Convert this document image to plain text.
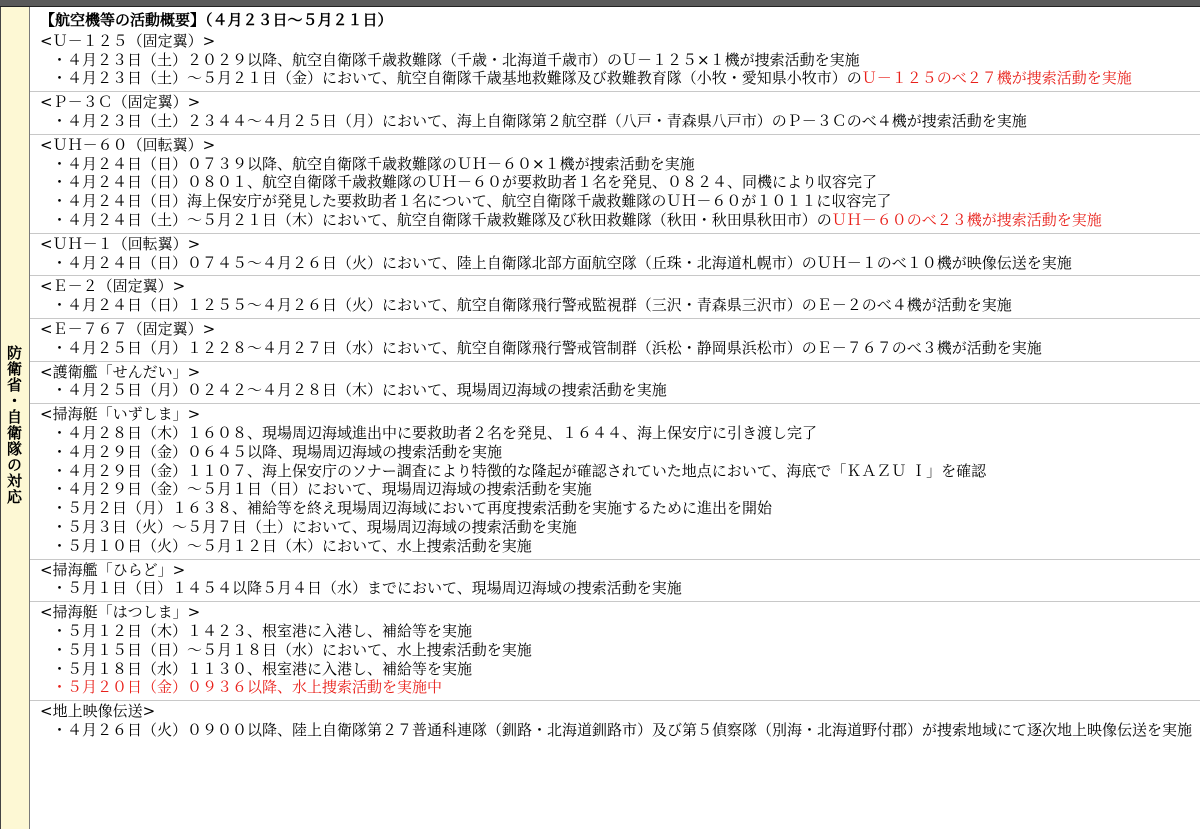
防衛省・自衛隊の対応
【航空機等の活動概要】（４月２３日～５月２１日）
<Ｕ－１２５（固定翼）>
・４月２３日（土）２０２９以降、航空自衛隊千歳救難隊（千歳・北海道千歳市）のＵ－１２５×１機が捜索活動を実施
・４月２３日（土）～５月２１日（金）において、航空自衛隊千歳基地救難隊及び救難教育隊（小牧・愛知県小牧市）のＵ－１２５のべ２７機が捜索活動を実施
<Ｐ－３Ｃ（固定翼）>
・４月２３日（土）２３４４～４月２５日（月）において、海上自衛隊第２航空群（八戸・青森県八戸市）のＰ－３Ｃのべ４機が捜索活動を実施
<ＵＨ－６０（回転翼）>
・４月２４日（日）０７３９以降、航空自衛隊千歳救難隊のＵＨ－６０×１機が捜索活動を実施
・４月２４日（日）０８０１、航空自衛隊千歳救難隊のＵＨ－６０が要救助者１名を発見、０８２４、同機により収容完了
・４月２４日（日）海上保安庁が発見した要救助者１名について、航空自衛隊千歳救難隊のＵＨ－６０が１０１１に収容完了
・４月２４日（土）～５月２１日（木）において、航空自衛隊千歳救難隊及び秋田救難隊（秋田・秋田県秋田市）のＵＨ－６０のべ２３機が捜索活動を実施
<ＵＨ－１（回転翼）>
・４月２４日（日）０７４５～４月２６日（火）において、陸上自衛隊北部方面航空隊（丘珠・北海道札幌市）のＵＨ－１のべ１０機が映像伝送を実施
<Ｅ－２（固定翼）>
・４月２４日（日）１２５５～４月２６日（火）において、航空自衛隊飛行警戒監視群（三沢・青森県三沢市）のＥ－２のべ４機が活動を実施
<Ｅ－７６７（固定翼）>
・４月２５日（月）１２２８～４月２７日（水）において、航空自衛隊飛行警戒管制群（浜松・静岡県浜松市）のＥ－７６７のべ３機が活動を実施
<護衛艦「せんだい」>
・４月２５日（月）０２４２～４月２８日（木）において、現場周辺海域の捜索活動を実施
<掃海艇「いずしま」>
・４月２８日（木）１６０８、現場周辺海域進出中に要救助者２名を発見、１６４４、海上保安庁に引き渡し完了
・４月２９日（金）０６４５以降、現場周辺海域の捜索活動を実施
・４月２９日（金）１１０７、海上保安庁のソナー調査により特徴的な隆起が確認されていた地点において、海底で「ＫＡＺＵ Ｉ」を確認
・４月２９日（金）～５月１日（日）において、現場周辺海域の捜索活動を実施
・５月２日（月）１６３８、補給等を終え現場周辺海域において再度捜索活動を実施するために進出を開始
・５月３日（火）～５月７日（土）において、現場周辺海域の捜索活動を実施
・５月１０日（火）～５月１２日（木）において、水上捜索活動を実施
<掃海艦「ひらど」>
・５月１日（日）１４５４以降５月４日（水）までにおいて、現場周辺海域の捜索活動を実施
<掃海艇「はつしま」>
・５月１２日（木）１４２３、根室港に入港し、補給等を実施
・５月１５日（日）～５月１８日（水）において、水上捜索活動を実施
・５月１８日（水）１１３０、根室港に入港し、補給等を実施
・５月２０日（金）０９３６以降、水上捜索活動を実施中
<地上映像伝送>
・４月２６日（火）０９００以降、陸上自衛隊第２７普通科連隊（釧路・北海道釧路市）及び第５偵察隊（別海・北海道野付郡）が捜索地域にて逐次地上映像伝送を実施
